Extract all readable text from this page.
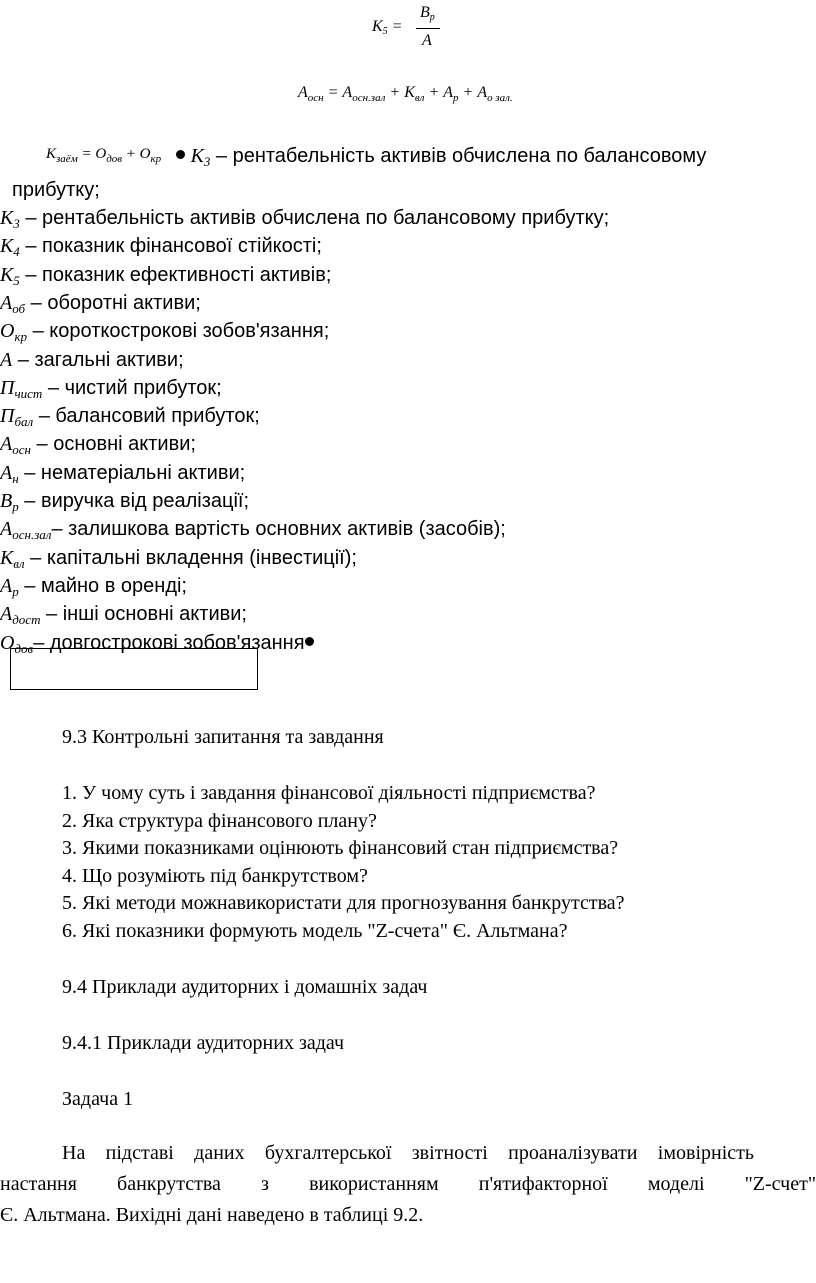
$K_5$ =
$B_p$
A
$A_{осн} = A_{осн.зал} + K_{вл} + A_р + A_{о зал.}$
$K_{заём} = O_{дов} + O_{кр}$	$К_3$ – рентабельність активів обчислена по балансовому
прибутку;
$К_3$ – рентабельність активів обчислена по балансовому прибутку;
$К_4$ – показник фінансової стійкості;
$К_5$ – показник ефективності активів;
$А_{об}$ – оборотні активи;
$О_{кр}$ – короткострокові зобов'язання;
А – загальні активи;
$П_{чист}$ – чистий прибуток;
$П_{бал}$ – балансовий прибуток;
$А_{осн}$ – основні активи;
$А_н$ – нематеріальні активи;
$В_р$ – виручка від реалізації;
$А_{осн.зал}-$ залишкова вартість основних активів (засобів);
$К_{вл}$ – капітальні вкладення (інвестиції);
$А_р$ – майно в оренді;
$А_{дост}$ – інші основні активи;
$О_{дов}-$ довгострокові зобов'язання
9.3 Контрольні запитання та завдання
1. У чому суть і завдання фінансової діяльності підприємства?
2. Яка структура фінансового плану?
3. Якими показниками оцінюють фінансовий стан підприємства?
4. Що розуміють під банкрутством?
5. Які методи можнавикористати для прогнозування банкрутства?
6. Які показники формують модель "Z-счета" Є. Альтмана?
9.4 Приклади аудиторних і домашніх задач
9.4.1 Приклади аудиторних задач
Задача 1
На підставі даних бухгалтерської звітності проаналізувати імовірність
настання банкрутства з використанням п'ятифакторної моделі "Z-счет"
Є. Альтмана. Вихідні дані наведено в таблиці 9.2.
